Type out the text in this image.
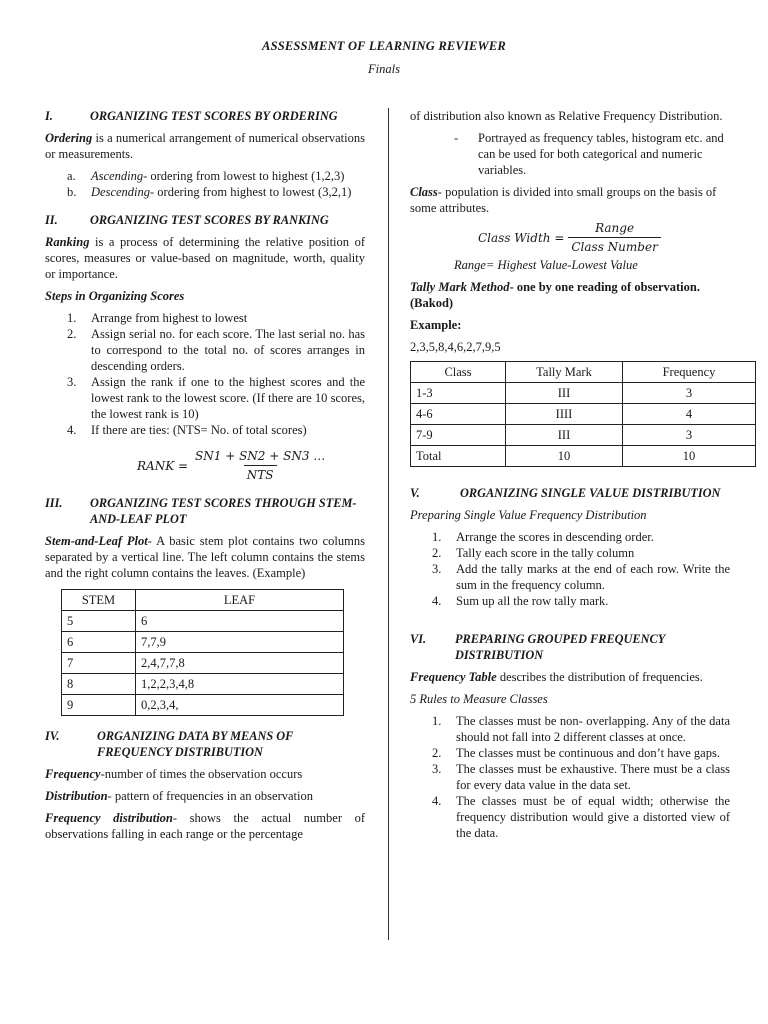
ASSESSMENT OF LEARNING REVIEWER
Finals
I.	ORGANIZING TEST SCORES BY ORDERING

Ordering is a numerical arrangement of numerical observations or measurements.

a.	Ascending- ordering from lowest to highest (1,2,3)
b.	Descending- ordering from highest to lowest (3,2,1)
II.	ORGANIZING TEST SCORES BY RANKING

Ranking is a process of determining the relative position of scores, measures or value-based on magnitude, worth, quality or importance.

Steps in Organizing Scores

1.	Arrange from highest to lowest
2.	Assign serial no. for each score. The last serial no. has to correspond to the total no. of scores arranges in descending orders.
3.	Assign the rank if one to the highest scores and the lowest rank to the lowest score. (If there are 10 scores, the lowest rank is 10)
4.	If there are ties: (NTS= No. of total scores)
RANK = $\frac{SN1 + SN2 + SN3 \dots}{\text{NTS}}$
III.	ORGANIZING TEST SCORES THROUGH STEM-AND-LEAF PLOT

Stem-and-Leaf Plot- A basic stem plot contains two columns separated by a vertical line. The left column contains the stems and the right column contains the leaves. (Example)

STEM	LEAF
5	6
6	7,7,9
7	2,4,7,7,8
8	1,2,2,3,4,8
9	0,2,3,4,
IV.	ORGANIZING DATA BY MEANS OF FREQUENCY DISTRIBUTION

Frequency-number of times the observation occurs

Distribution- pattern of frequencies in an observation

Frequency distribution- shows the actual number of observations falling in each range or the percentage

of distribution also known as Relative Frequency Distribution.

-	Portrayed as frequency tables, histogram etc. and can be used for both categorical and numeric variables.

Class- population is divided into small groups on the basis of some attributes.

Class Width = $\frac{\text{Range}}{\text{Class Number}}$

Range= Highest Value-Lowest Value

Tally Mark Method- one by one reading of observation. (Bakod)

Example:

2,3,5,8,4,6,2,7,9,5

Class	Tally Mark	Frequency
1-3	III	3
4-6	IIII	4
7-9	III	3
Total	10	10
V.	ORGANIZING SINGLE VALUE DISTRIBUTION

Preparing Single Value Frequency Distribution

1.	Arrange the scores in descending order.
2.	Tally each score in the tally column
3.	Add the tally marks at the end of each row. Write the sum in the frequency column.
4.	Sum up all the row tally mark.
VI.	PREPARING GROUPED FREQUENCY DISTRIBUTION

Frequency Table describes the distribution of frequencies.

5 Rules to Measure Classes

1.	The classes must be non- overlapping. Any of the data should not fall into 2 different classes at once.
2.	The classes must be continuous and don’t have gaps.
3.	The classes must be exhaustive. There must be a class for every data value in the data set.
4.	The classes must be of equal width; otherwise the frequency distribution would give a distorted view of the data.
